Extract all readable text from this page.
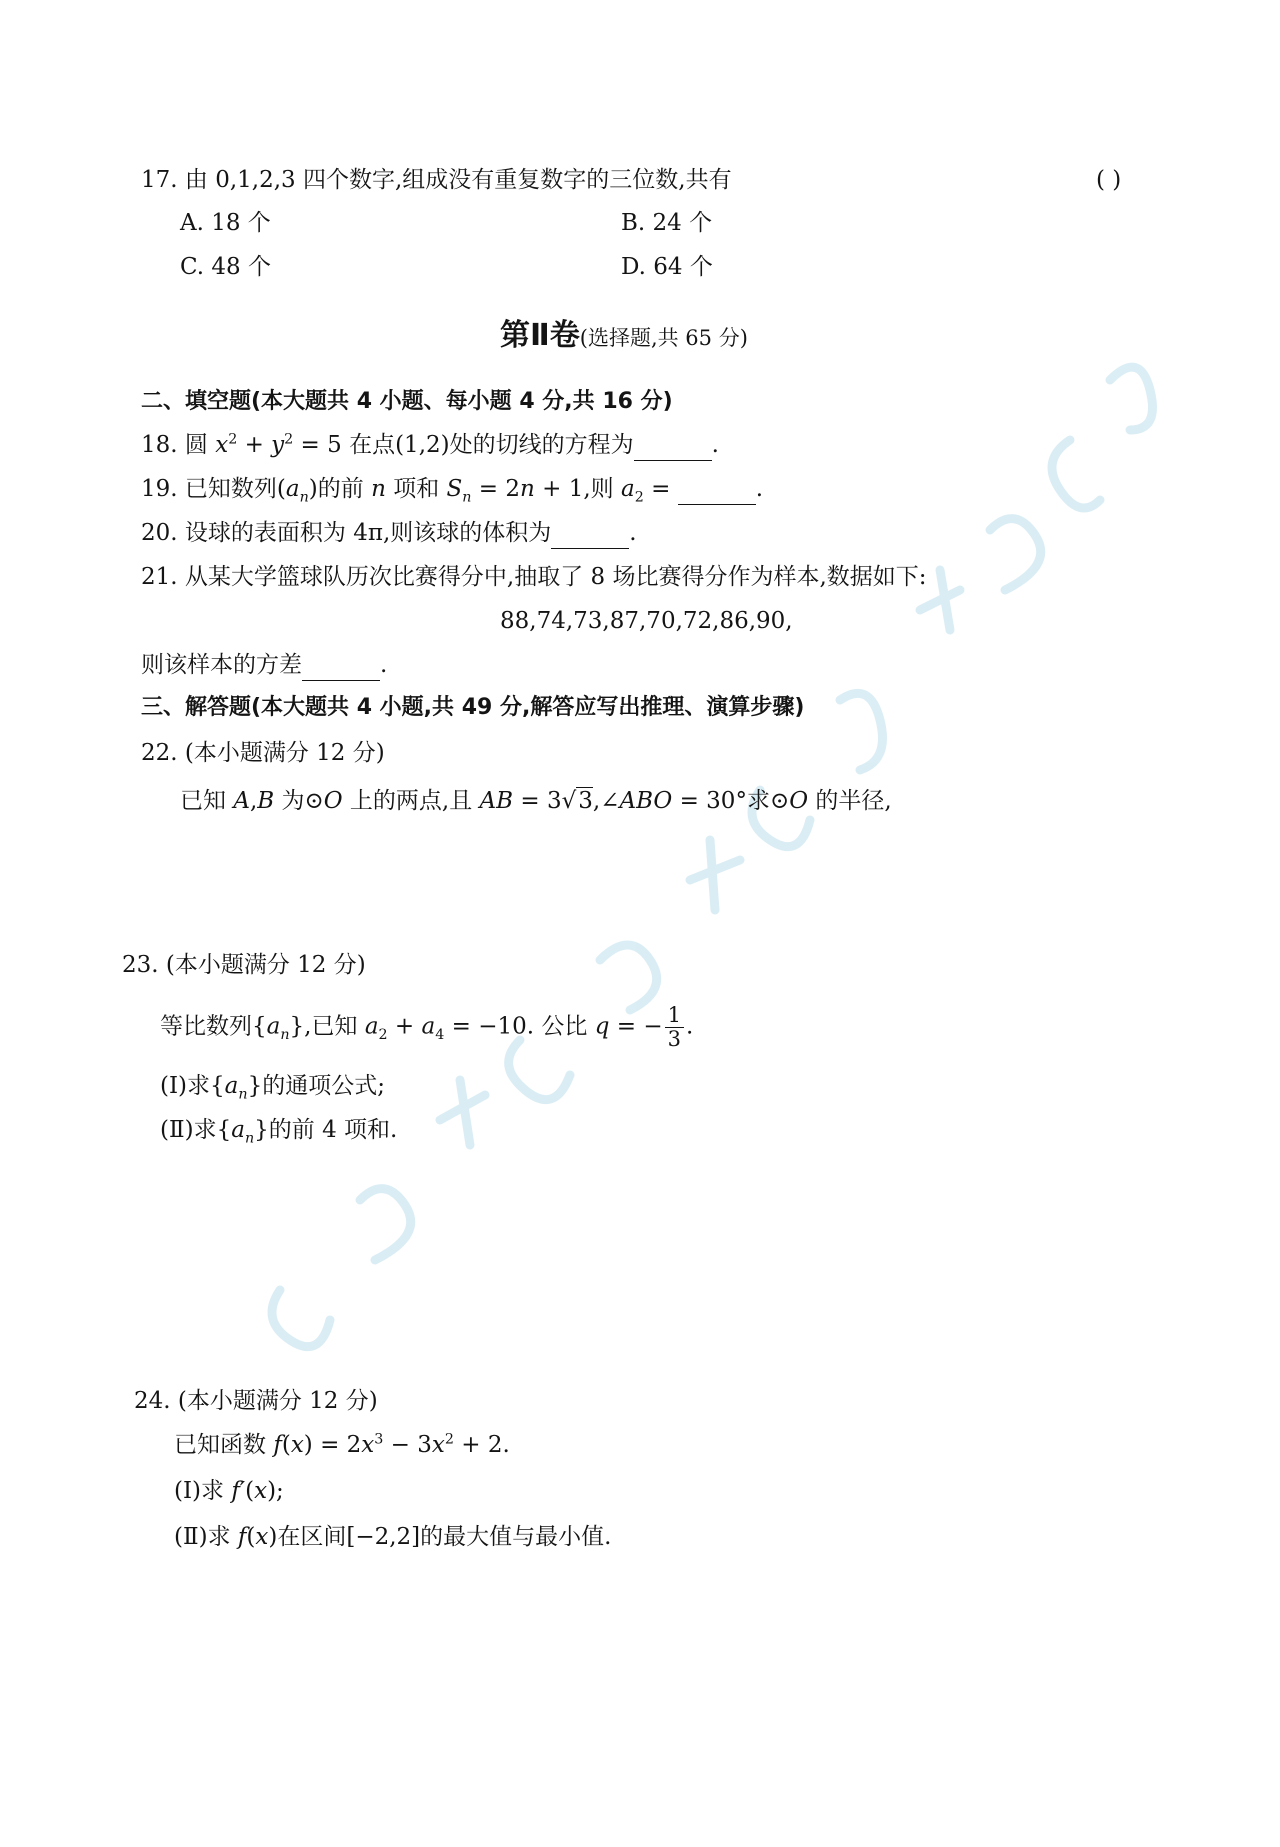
17. 由 0,1,2,3 四个数字,组成没有重复数字的三位数,共有	( )
A. 18 个	B. 24 个
C. 48 个	D. 64 个
第Ⅱ卷(选择题,共 65 分)
二、填空题(本大题共 4 小题、每小题 4 分,共 16 分)
18. 圆 $x^2 + y^2 = 5$ 在点(1,2)处的切线的方程为	.
19. 已知数列$(a_n)$的前 n 项和 $S_n = 2n + 1$,则 $a_2$ =	.
20. 设球的表面积为 4π,则该球的体积为	.
21. 从某大学篮球队历次比赛得分中,抽取了 8 场比赛得分作为样本,数据如下:
88,74,73,87,70,72,86,90,
则该样本的方差	.
三、解答题(本大题共 4 小题,共 49 分,解答应写出推理、演算步骤)
22. (本小题满分 12 分)
已知 A,B 为⊙O 上的两点,且 AB = 3√3,∠ABO = 30°求⊙O 的半径,
23. (本小题满分 12 分)
等比数列$\{a_n\}$,已知 $a_2 + a_4 = -10$. 公比 q = − $\frac{1}{3}$ .
(Ⅰ)求$\{a_n\}$的通项公式;
(Ⅱ)求$\{a_n\}$的前 4 项和.
24. (本小题满分 12 分)
已知函数 $f(x) = 2x^3 - 3x^2 + 2$.
(Ⅰ)求 f′(x);
(Ⅱ)求 f(x)在区间[−2,2]的最大值与最小值.
